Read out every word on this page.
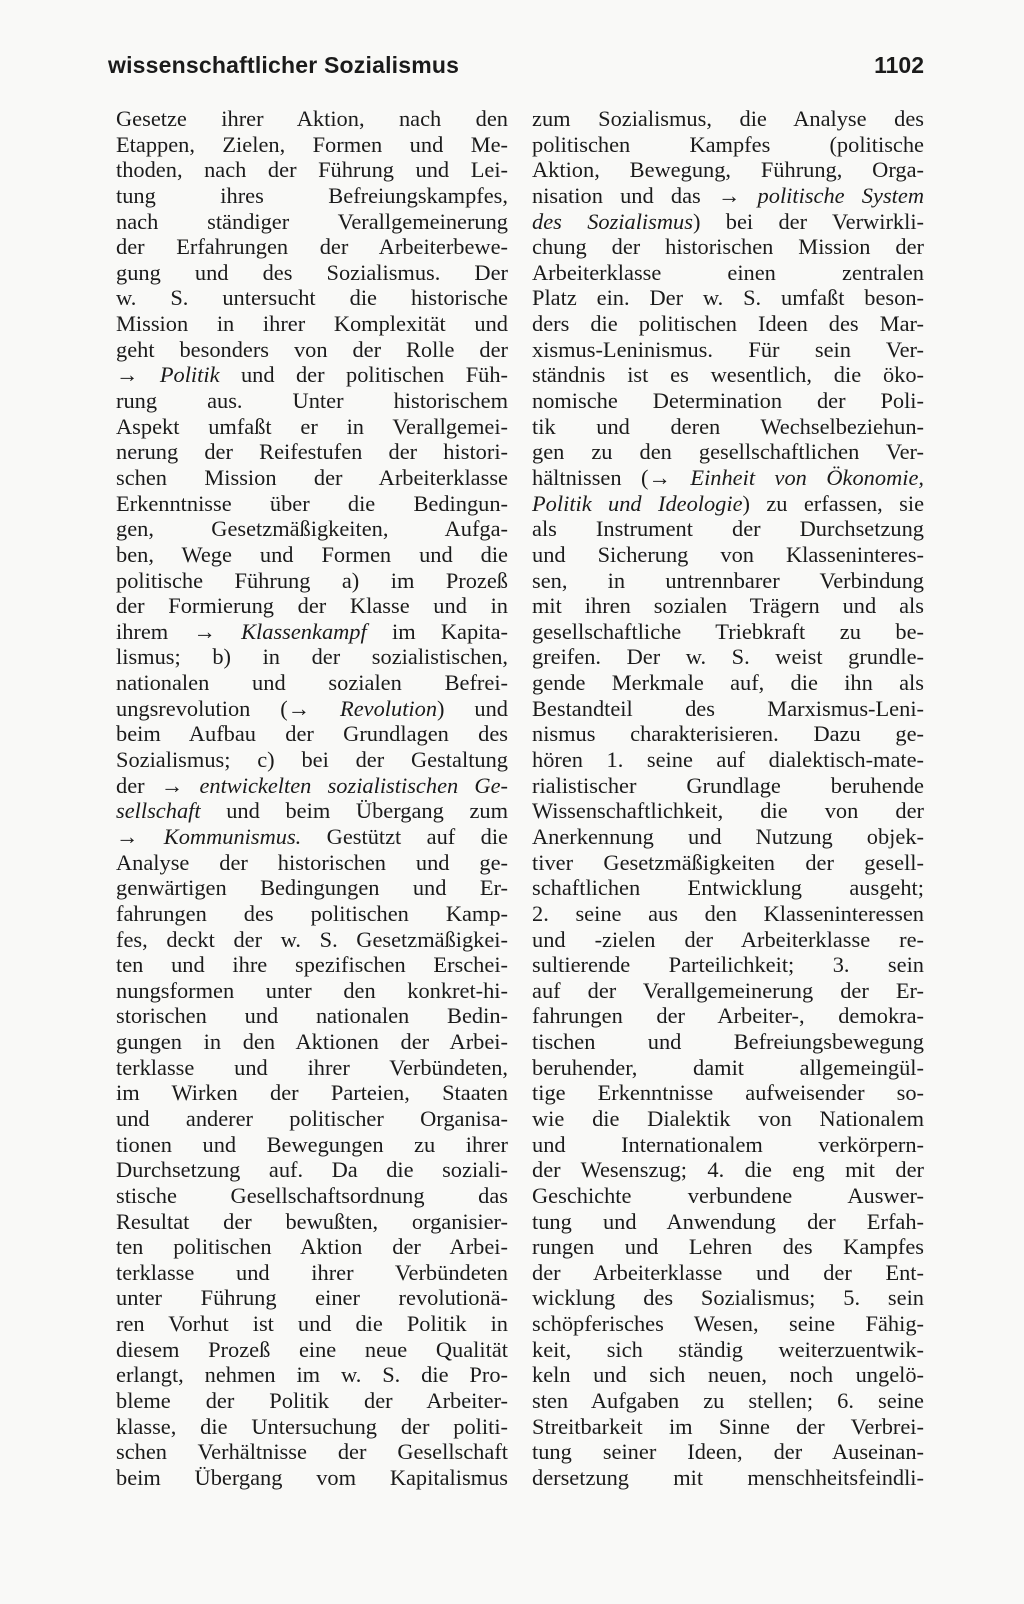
wissenschaftlicher Sozialismus	1102
Gesetze ihrer Aktion, nach den
Etappen, Zielen, Formen und Me-
thoden, nach der Führung und Lei-
tung ihres Befreiungskampfes,
nach ständiger Verallgemeinerung
der Erfahrungen der Arbeiterbewe-
gung und des Sozialismus. Der
w. S. untersucht die historische
Mission in ihrer Komplexität und
geht besonders von der Rolle der
→ Politik und der politischen Füh-
rung aus. Unter historischem
Aspekt umfaßt er in Verallgemei-
nerung der Reifestufen der histori-
schen Mission der Arbeiterklasse
Erkenntnisse über die Bedingun-
gen, Gesetzmäßigkeiten, Aufga-
ben, Wege und Formen und die
politische Führung a) im Prozeß
der Formierung der Klasse und in
ihrem → Klassenkampf im Kapita-
lismus; b) in der sozialistischen,
nationalen und sozialen Befrei-
ungsrevolution (→ Revolution) und
beim Aufbau der Grundlagen des
Sozialismus; c) bei der Gestaltung
der → entwickelten sozialistischen Ge-
sellschaft und beim Übergang zum
→ Kommunismus. Gestützt auf die
Analyse der historischen und ge-
genwärtigen Bedingungen und Er-
fahrungen des politischen Kamp-
fes, deckt der w. S. Gesetzmäßigkei-
ten und ihre spezifischen Erschei-
nungsformen unter den konkret-hi-
storischen und nationalen Bedin-
gungen in den Aktionen der Arbei-
terklasse und ihrer Verbündeten,
im Wirken der Parteien, Staaten
und anderer politischer Organisa-
tionen und Bewegungen zu ihrer
Durchsetzung auf. Da die soziali-
stische Gesellschaftsordnung das
Resultat der bewußten, organisier-
ten politischen Aktion der Arbei-
terklasse und ihrer Verbündeten
unter Führung einer revolutionä-
ren Vorhut ist und die Politik in
diesem Prozeß eine neue Qualität
erlangt, nehmen im w. S. die Pro-
bleme der Politik der Arbeiter-
klasse, die Untersuchung der politi-
schen Verhältnisse der Gesellschaft
beim Übergang vom Kapitalismus
zum Sozialismus, die Analyse des
politischen Kampfes (politische
Aktion, Bewegung, Führung, Orga-
nisation und das → politische System
des Sozialismus) bei der Verwirkli-
chung der historischen Mission der
Arbeiterklasse einen zentralen
Platz ein. Der w. S. umfaßt beson-
ders die politischen Ideen des Mar-
xismus-Leninismus. Für sein Ver-
ständnis ist es wesentlich, die öko-
nomische Determination der Poli-
tik und deren Wechselbeziehun-
gen zu den gesellschaftlichen Ver-
hältnissen (→ Einheit von Ökonomie,
Politik und Ideologie) zu erfassen, sie
als Instrument der Durchsetzung
und Sicherung von Klasseninteres-
sen, in untrennbarer Verbindung
mit ihren sozialen Trägern und als
gesellschaftliche Triebkraft zu be-
greifen. Der w. S. weist grundle-
gende Merkmale auf, die ihn als
Bestandteil des Marxismus-Leni-
nismus charakterisieren. Dazu ge-
hören 1. seine auf dialektisch-mate-
rialistischer Grundlage beruhende
Wissenschaftlichkeit, die von der
Anerkennung und Nutzung objek-
tiver Gesetzmäßigkeiten der gesell-
schaftlichen Entwicklung ausgeht;
2. seine aus den Klasseninteressen
und -zielen der Arbeiterklasse re-
sultierende Parteilichkeit; 3. sein
auf der Verallgemeinerung der Er-
fahrungen der Arbeiter-, demokra-
tischen und Befreiungsbewegung
beruhender, damit allgemeingül-
tige Erkenntnisse aufweisender so-
wie die Dialektik von Nationalem
und Internationalem verkörpern-
der Wesenszug; 4. die eng mit der
Geschichte verbundene Auswer-
tung und Anwendung der Erfah-
rungen und Lehren des Kampfes
der Arbeiterklasse und der Ent-
wicklung des Sozialismus; 5. sein
schöpferisches Wesen, seine Fähig-
keit, sich ständig weiterzuentwik-
keln und sich neuen, noch ungelö-
sten Aufgaben zu stellen; 6. seine
Streitbarkeit im Sinne der Verbrei-
tung seiner Ideen, der Auseinan-
dersetzung mit menschheitsfeindli-
